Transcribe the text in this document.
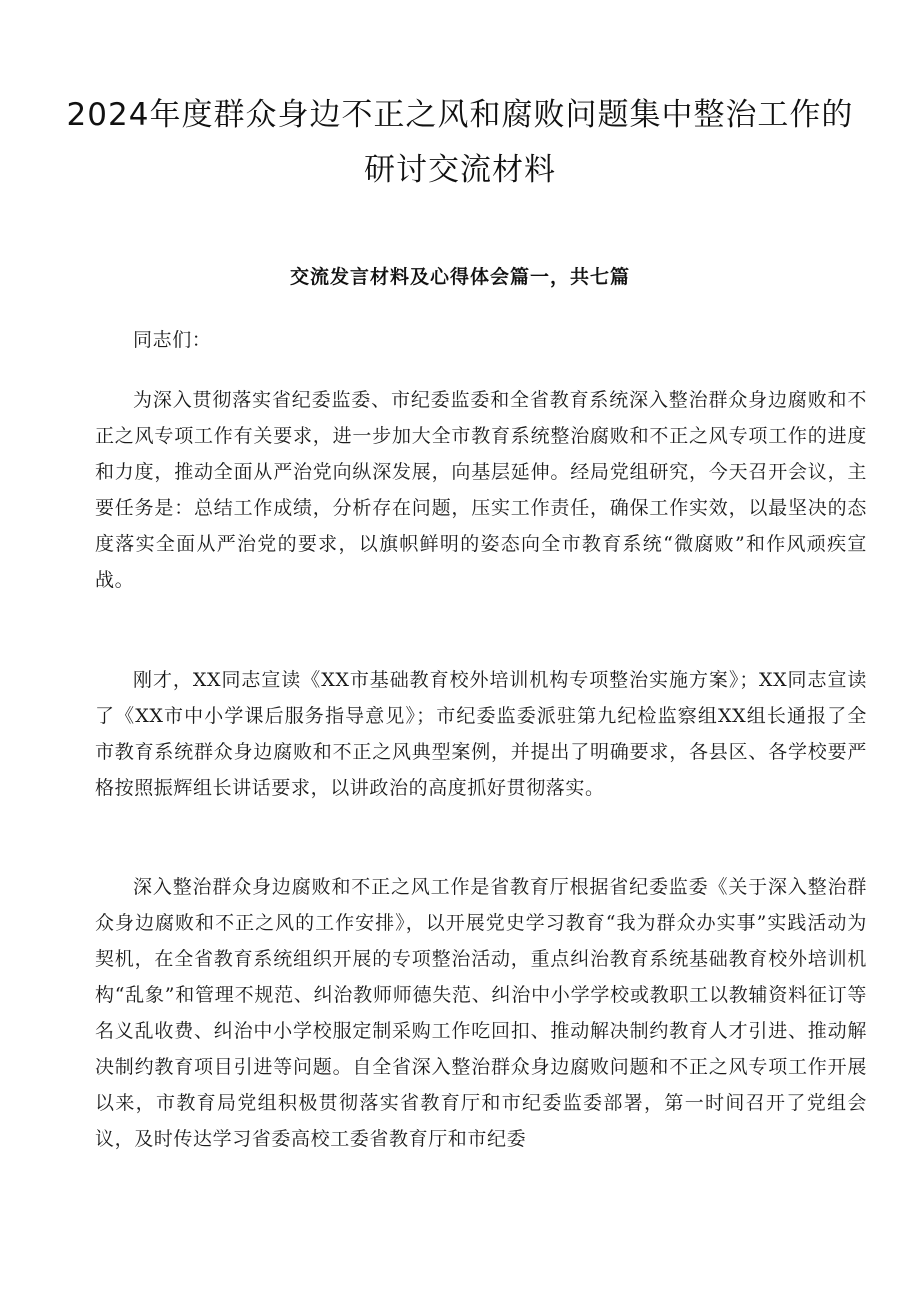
2024年度群众身边不正之风和腐败问题集中整治工作的研讨交流材料
交流发言材料及心得体会篇一，共七篇

同志们：

为深入贯彻落实省纪委监委、市纪委监委和全省教育系统深入整治群众身边腐败和不正之风专项工作有关要求，进一步加大全市教育系统整治腐败和不正之风专项工作的进度和力度，推动全面从严治党向纵深发展，向基层延伸。经局党组研究，今天召开会议，主要任务是：总结工作成绩，分析存在问题，压实工作责任，确保工作实效，以最坚决的态度落实全面从严治党的要求，以旗帜鲜明的姿态向全市教育系统“微腐败”和作风顽疾宣战。

刚才，XX同志宣读《XX市基础教育校外培训机构专项整治实施方案》；XX同志宣读了《XX市中小学课后服务指导意见》；市纪委监委派驻第九纪检监察组XX组长通报了全市教育系统群众身边腐败和不正之风典型案例，并提出了明确要求，各县区、各学校要严格按照振辉组长讲话要求，以讲政治的高度抓好贯彻落实。

深入整治群众身边腐败和不正之风工作是省教育厅根据省纪委监委《关于深入整治群众身边腐败和不正之风的工作安排》，以开展党史学习教育“我为群众办实事”实践活动为契机，在全省教育系统组织开展的专项整治活动，重点纠治教育系统基础教育校外培训机构“乱象”和管理不规范、纠治教师师德失范、纠治中小学学校或教职工以教辅资料征订等名义乱收费、纠治中小学校服定制采购工作吃回扣、推动解决制约教育人才引进、推动解决制约教育项目引进等问题。自全省深入整治群众身边腐败问题和不正之风专项工作开展以来，市教育局党组积极贯彻落实省教育厅和市纪委监委部署，第一时间召开了党组会议，及时传达学习省委高校工委省教育厅和市纪委
